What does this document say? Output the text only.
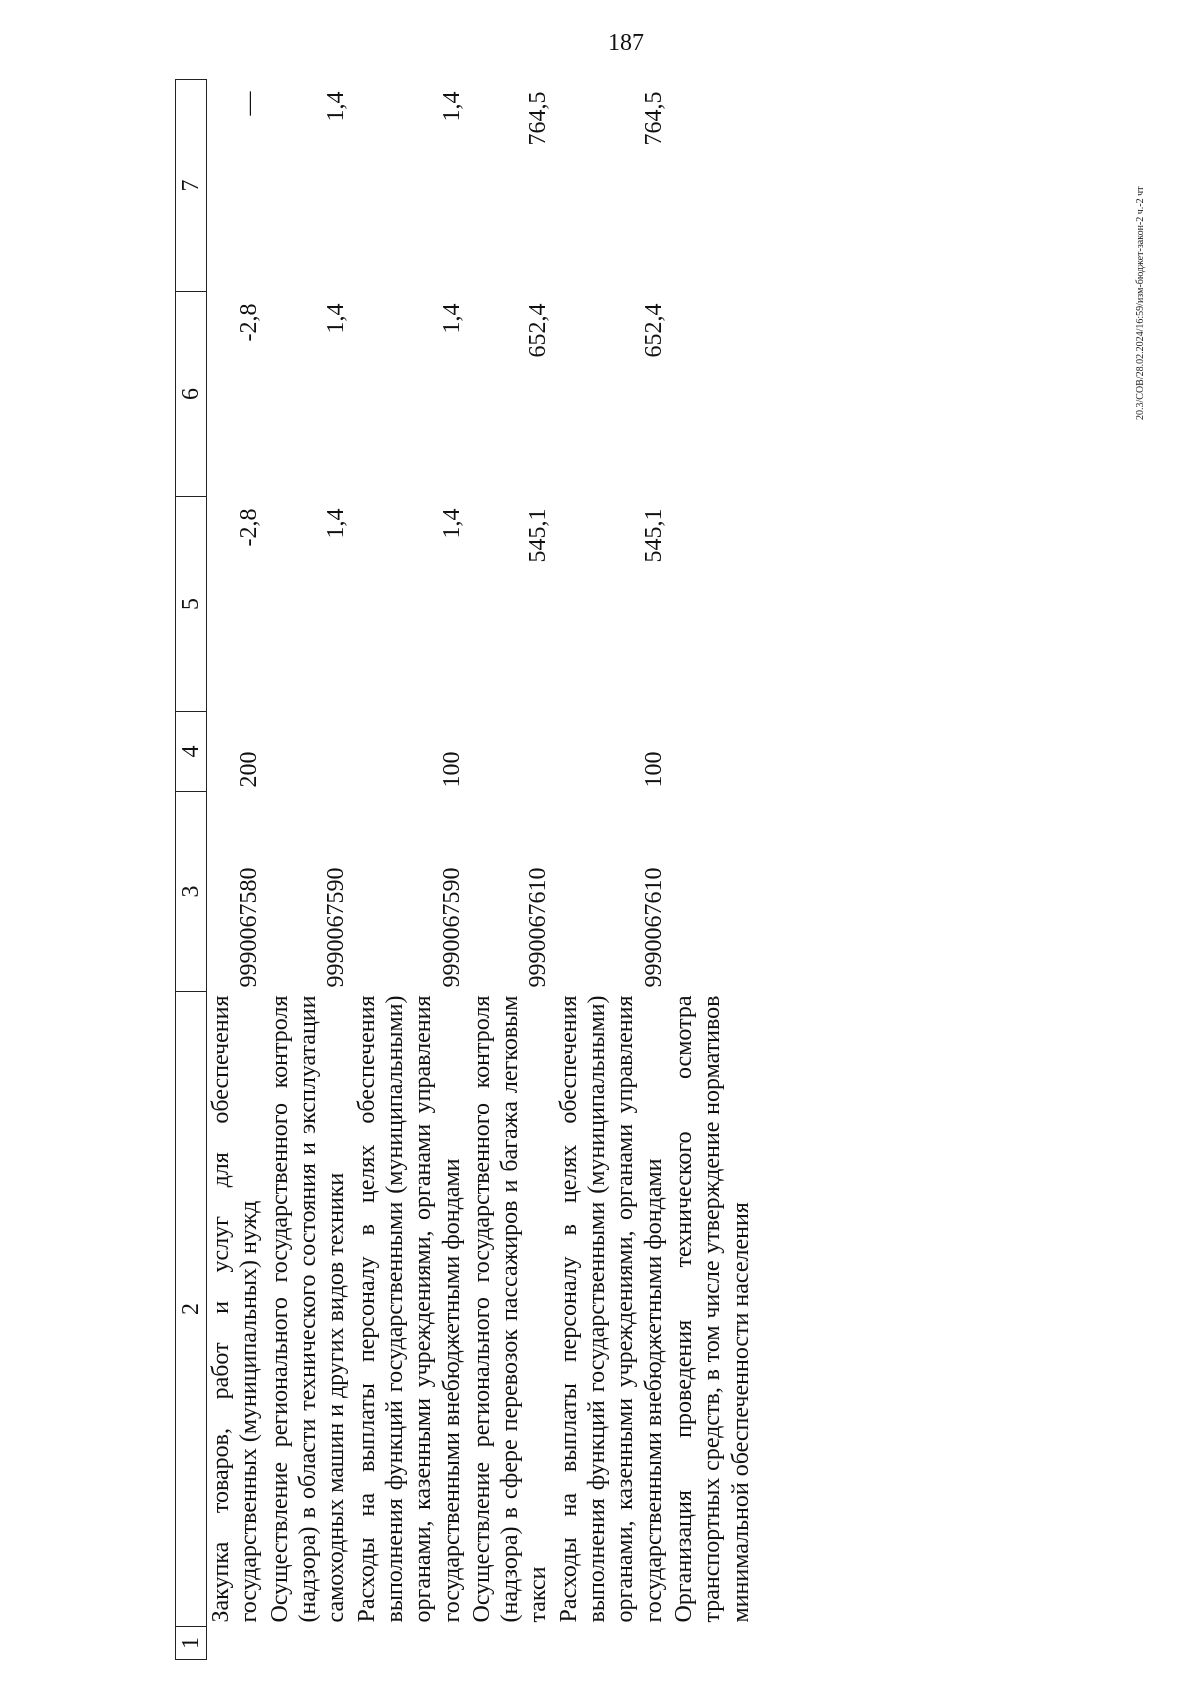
187
20.3/СОВ/28.02.2024/16:59/изм-бюджет-закон-2 ч.-2 чт
1	2	3	4	5	6	7
	Закупка товаров, работ и услуг для обеспечения государственных (муниципальных) нужд	9990067580	200	-2,8	-2,8	—
	Осуществление регионального государственного контроля (надзора) в области технического состояния и эксплуатации самоходных машин и других видов техники	9990067590		1,4	1,4	1,4
	Расходы на выплаты персоналу в целях обеспечения выполнения функций государственными (муниципальными) органами, казенными учреждениями, органами управления государственными внебюджетными фондами	9990067590	100	1,4	1,4	1,4
	Осуществление регионального государственного контроля (надзора) в сфере перевозок пассажиров и багажа легковым такси	9990067610		545,1	652,4	764,5
	Расходы на выплаты персоналу в целях обеспечения выполнения функций государственными (муниципальными) органами, казенными учреждениями, органами управления государственными внебюджетными фондами	9990067610	100	545,1	652,4	764,5
	Организация проведения технического осмотра транспортных средств, в том числе утверждение нормативов минимальной обеспеченности населения					
